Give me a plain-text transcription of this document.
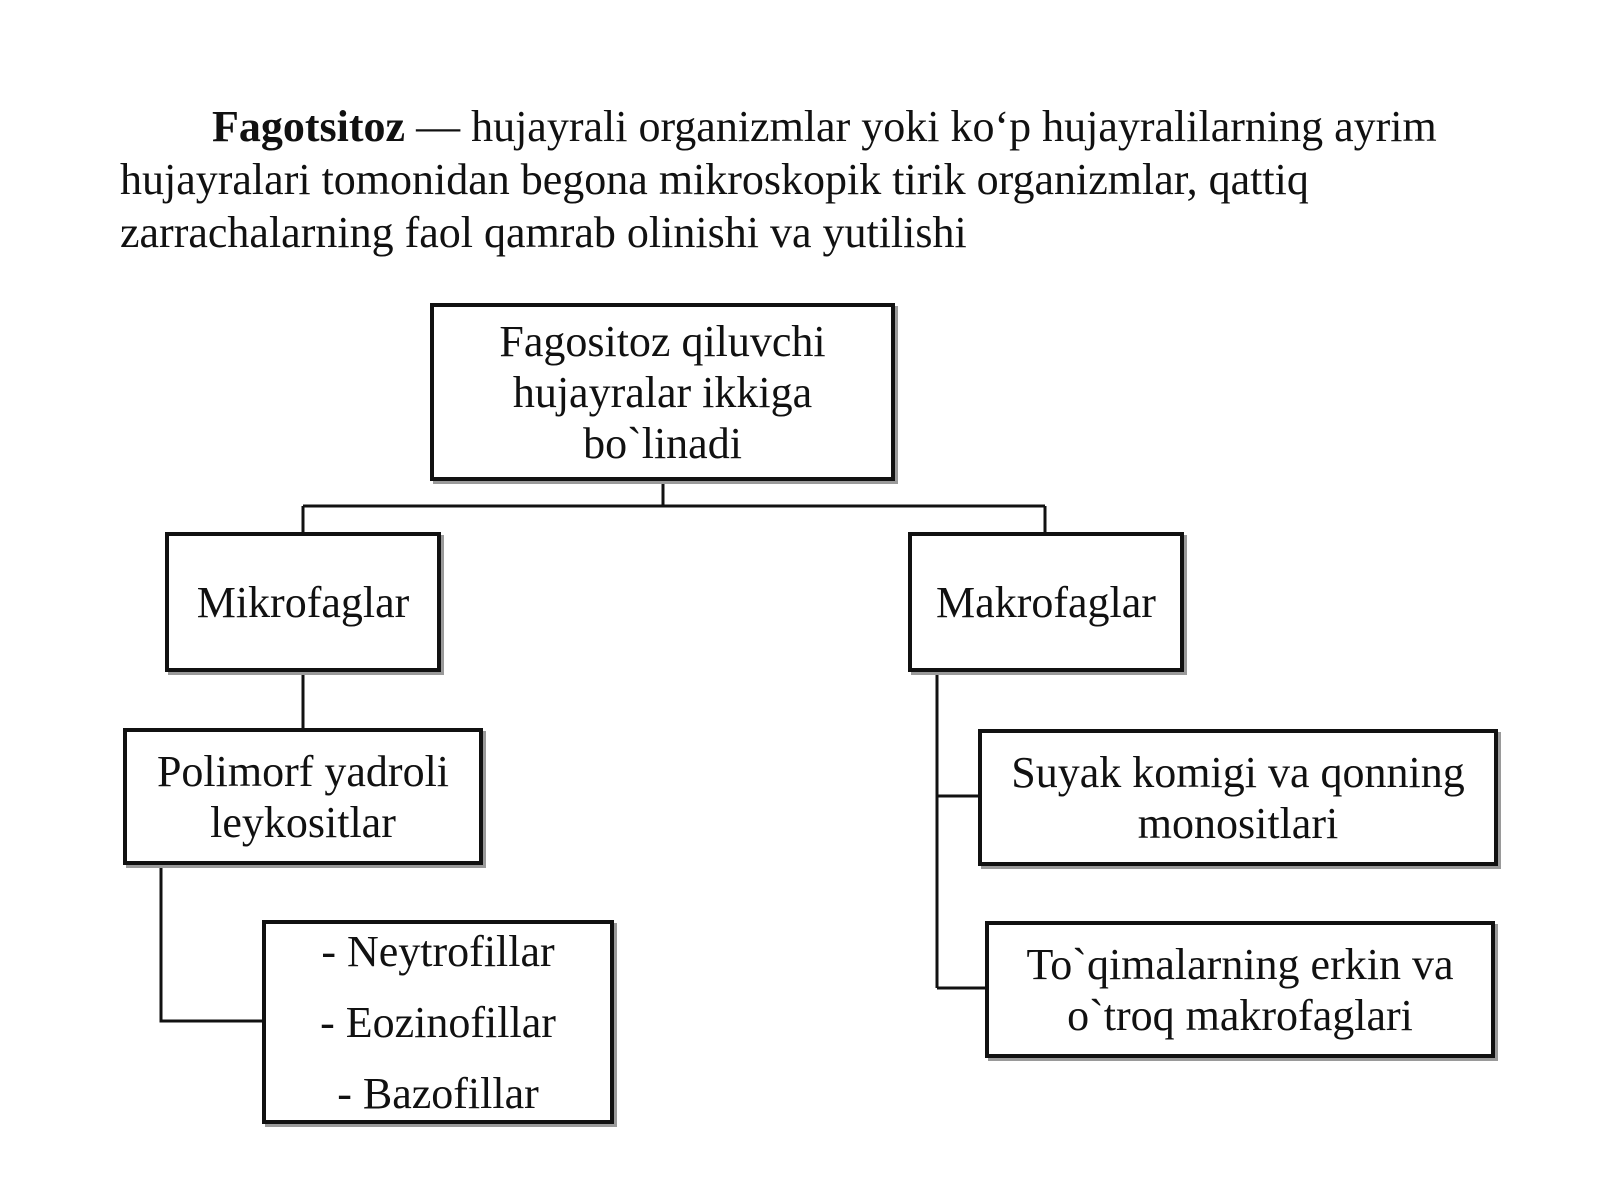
Fagotsitoz — hujayrali organizmlar yoki ko‘p hujayralilarning ayrim hujayralari tomonidan begona mikroskopik tirik organizmlar, qattiq zarrachalarning faol qamrab olinishi va yutilishi

Fagositoz qiluvchi
hujayralar ikkiga
bo`linadi
Mikrofaglar	Makrofaglar
Polimorf yadroli
leykositlar
- Neytrofillar
- Eozinofillar
- Bazofillar
Suyak komigi va qonning
monositlari
To`qimalarning erkin va
o`troq makrofaglari
